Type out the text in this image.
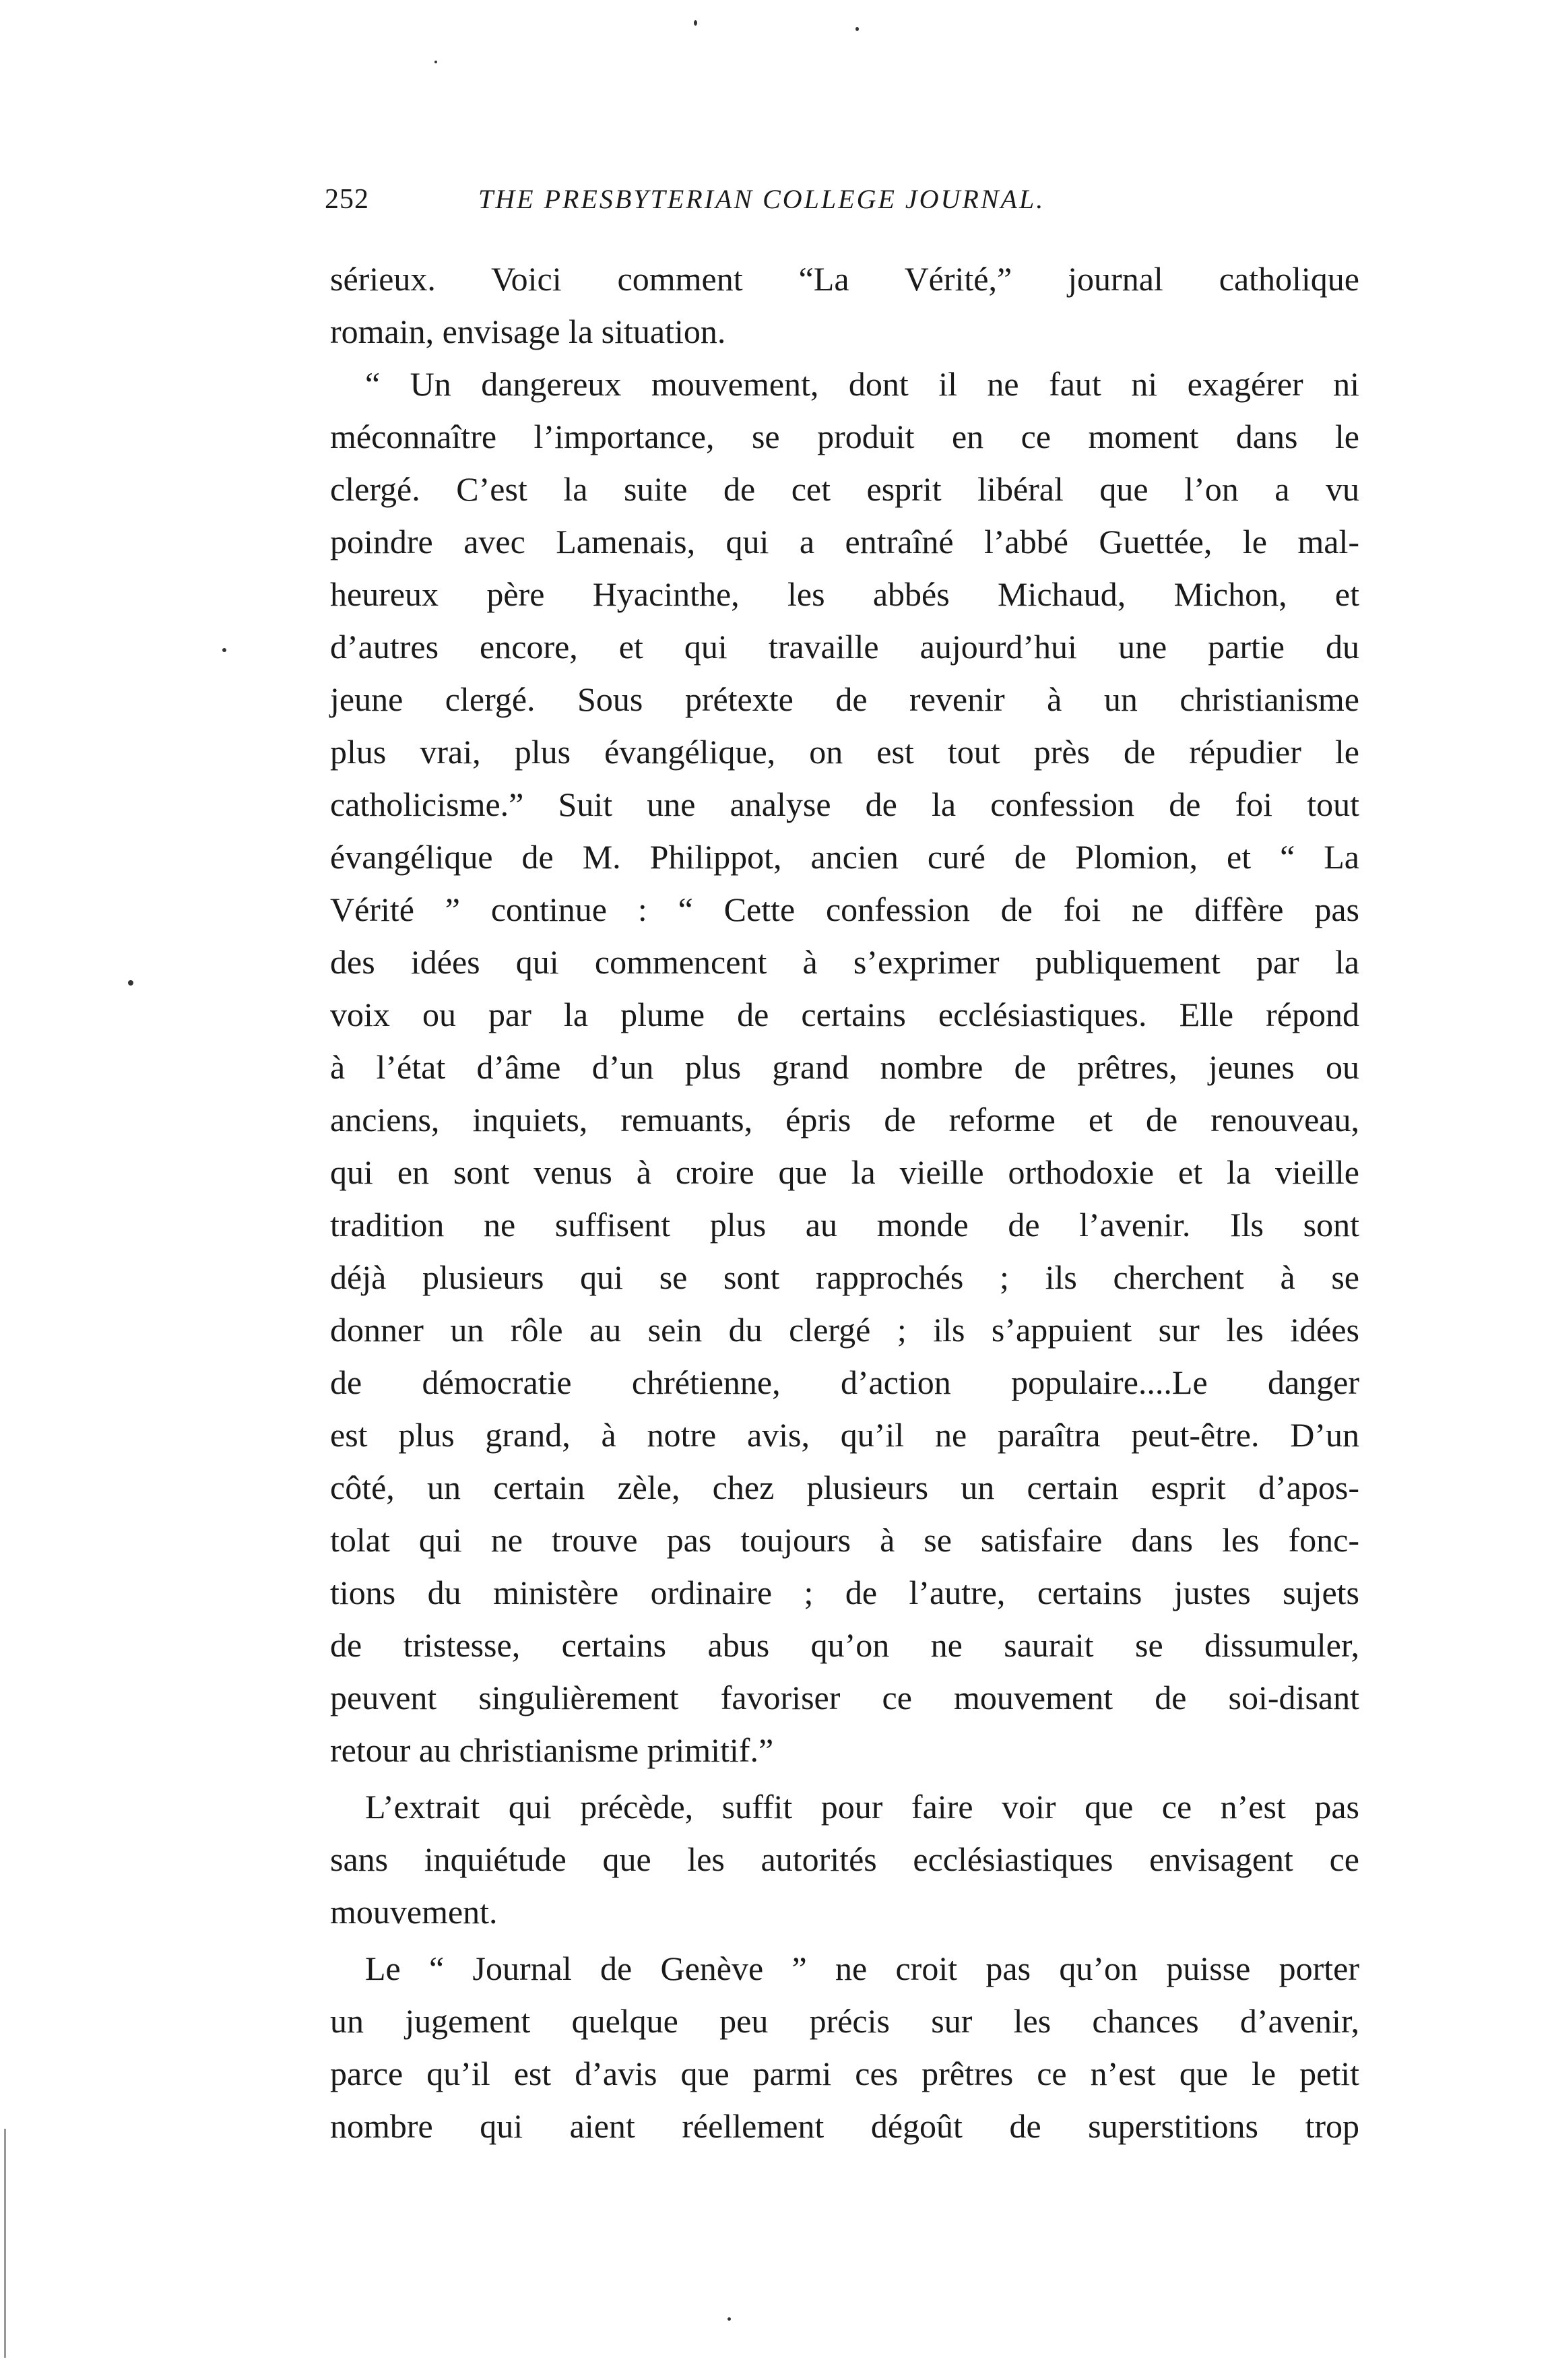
252	THE PRESBYTERIAN COLLEGE JOURNAL.
sérieux. Voici comment “La Vérité,” journal catholique
romain, envisage la situation.
“ Un dangereux mouvement, dont il ne faut ni exagérer ni
méconnaître l’importance, se produit en ce moment dans le
clergé. C’est la suite de cet esprit libéral que l’on a vu
poindre avec Lamenais, qui a entraîné l’abbé Guettée, le mal-
heureux père Hyacinthe, les abbés Michaud, Michon, et
d’autres encore, et qui travaille aujourd’hui une partie du
jeune clergé. Sous prétexte de revenir à un christianisme
plus vrai, plus évangélique, on est tout près de répudier le
catholicisme.” Suit une analyse de la confession de foi tout
évangélique de M. Philippot, ancien curé de Plomion, et “ La
Vérité ” continue : “ Cette confession de foi ne diffère pas
des idées qui commencent à s’exprimer publiquement par la
voix ou par la plume de certains ecclésiastiques. Elle répond
à l’état d’âme d’un plus grand nombre de prêtres, jeunes ou
anciens, inquiets, remuants, épris de reforme et de renouveau,
qui en sont venus à croire que la vieille orthodoxie et la vieille
tradition ne suffisent plus au monde de l’avenir. Ils sont
déjà plusieurs qui se sont rapprochés ; ils cherchent à se
donner un rôle au sein du clergé ; ils s’appuient sur les idées
de démocratie chrétienne, d’action populaire....Le danger
est plus grand, à notre avis, qu’il ne paraîtra peut-être. D’un
côté, un certain zèle, chez plusieurs un certain esprit d’apos-
tolat qui ne trouve pas toujours à se satisfaire dans les fonc-
tions du ministère ordinaire ; de l’autre, certains justes sujets
de tristesse, certains abus qu’on ne saurait se dissumuler,
peuvent singulièrement favoriser ce mouvement de soi-disant
retour au christianisme primitif.”
L’extrait qui précède, suffit pour faire voir que ce n’est pas
sans inquiétude que les autorités ecclésiastiques envisagent ce
mouvement.
Le “ Journal de Genève ” ne croit pas qu’on puisse porter
un jugement quelque peu précis sur les chances d’avenir,
parce qu’il est d’avis que parmi ces prêtres ce n’est que le petit
nombre qui aient réellement dégoût de superstitions trop
